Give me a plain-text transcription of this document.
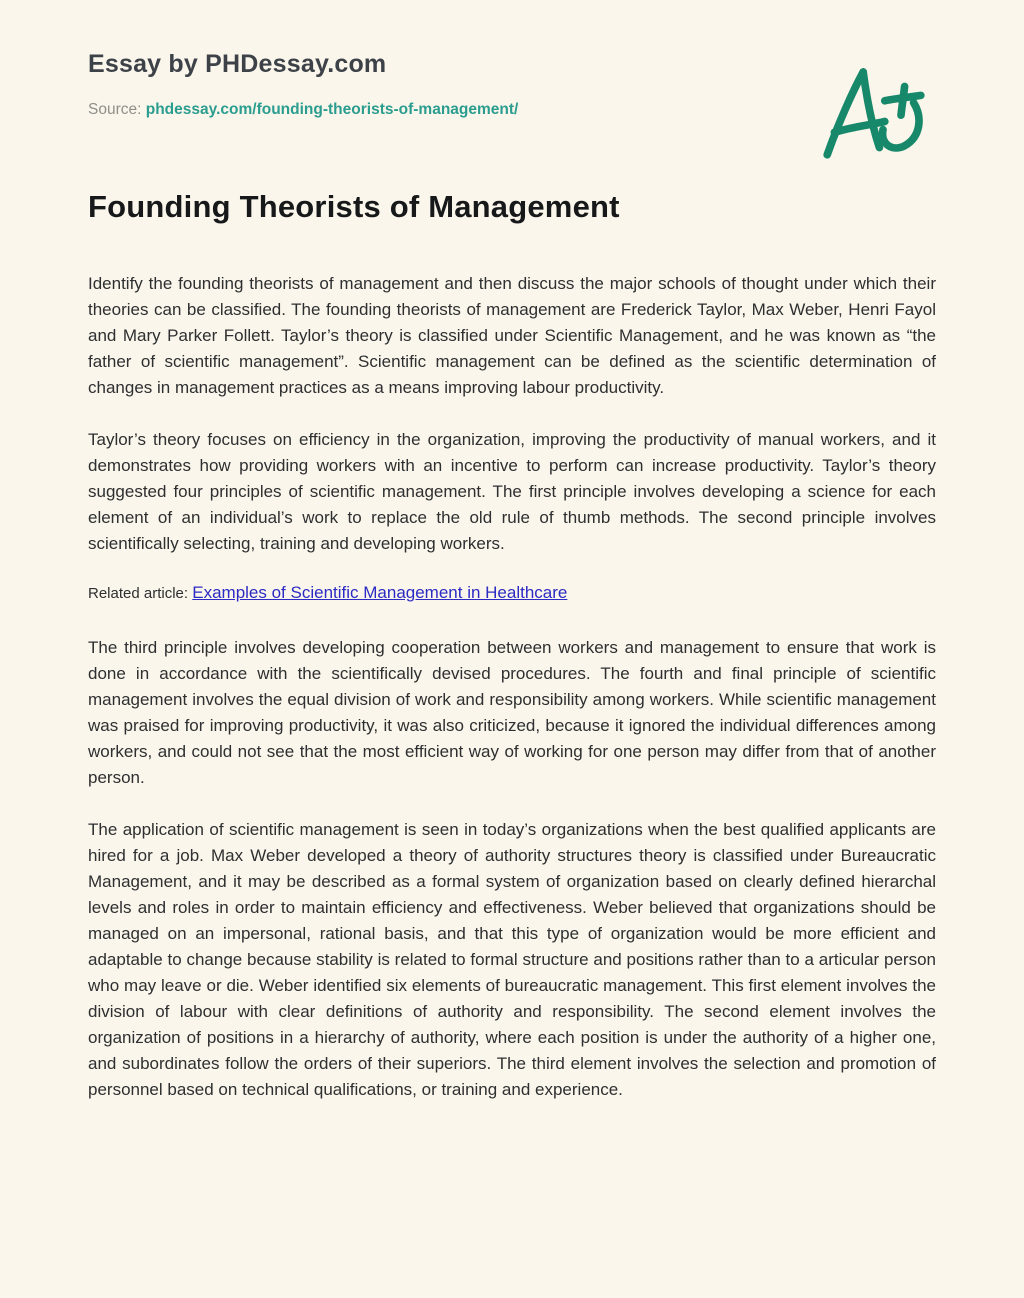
Essay by PHDessay.com
Source: phdessay.com/founding-theorists-of-management/
Founding Theorists of Management

Identify the founding theorists of management and then discuss the major schools of thought under which their theories can be classified. The founding theorists of management are Frederick Taylor, Max Weber, Henri Fayol and Mary Parker Follett. Taylor’s theory is classified under Scientific Management, and he was known as “the father of scientific management”. Scientific management can be defined as the scientific determination of changes in management practices as a means improving labour productivity.

Taylor’s theory focuses on efficiency in the organization, improving the productivity of manual workers, and it demonstrates how providing workers with an incentive to perform can increase productivity. Taylor’s theory suggested four principles of scientific management. The first principle involves developing a science for each element of an individual’s work to replace the old rule of thumb methods. The second principle involves scientifically selecting, training and developing workers.

Related article: Examples of Scientific Management in Healthcare

The third principle involves developing cooperation between workers and management to ensure that work is done in accordance with the scientifically devised procedures. The fourth and final principle of scientific management involves the equal division of work and responsibility among workers. While scientific management was praised for improving productivity, it was also criticized, because it ignored the individual differences among workers, and could not see that the most efficient way of working for one person may differ from that of another person.

The application of scientific management is seen in today’s organizations when the best qualified applicants are hired for a job. Max Weber developed a theory of authority structures theory is classified under Bureaucratic Management, and it may be described as a formal system of organization based on clearly defined hierarchal levels and roles in order to maintain efficiency and effectiveness. Weber believed that organizations should be managed on an impersonal, rational basis, and that this type of organization would be more efficient and adaptable to change because stability is related to formal structure and positions rather than to a articular person who may leave or die. Weber identified six elements of bureaucratic management. This first element involves the division of labour with clear definitions of authority and responsibility. The second element involves the organization of positions in a hierarchy of authority, where each position is under the authority of a higher one, and subordinates follow the orders of their superiors. The third element involves the selection and promotion of personnel based on technical qualifications, or training and experience.
